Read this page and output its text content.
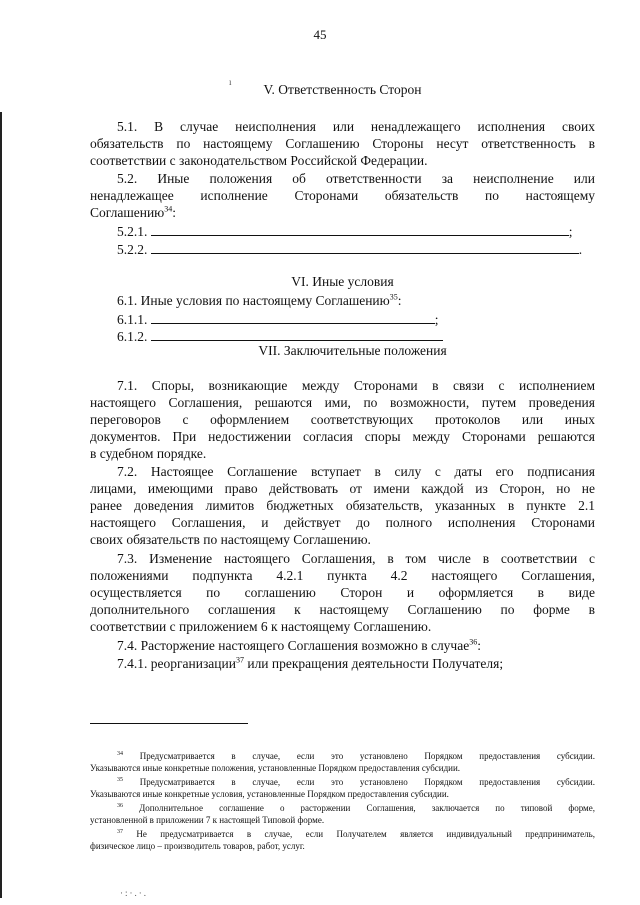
ı
45
V. Ответственность Сторон
5.1. В случае неисполнения или ненадлежащего исполнения своих
обязательств по настоящему Соглашению Стороны несут ответственность в
соответствии с законодательством Российской Федерации.
5.2. Иные положения об ответственности за неисполнение или
ненадлежащее исполнение Сторонами обязательств по настоящему
Соглашению$^{34}$:
5.2.1.	;
5.2.2.	.
VI. Иные условия
6.1. Иные условия по настоящему Соглашению$^{35}$:
6.1.1.	;
6.1.2.
VII. Заключительные положения
7.1. Споры, возникающие между Сторонами в связи с исполнением
настоящего Соглашения, решаются ими, по возможности, путем проведения
переговоров с оформлением соответствующих протоколов или иных
документов. При недостижении согласия споры между Сторонами решаются
в судебном порядке.
7.2. Настоящее Соглашение вступает в силу с даты его подписания
лицами, имеющими право действовать от имени каждой из Сторон, но не
ранее доведения лимитов бюджетных обязательств, указанных в пункте 2.1
настоящего Соглашения, и действует до полного исполнения Сторонами
своих обязательств по настоящему Соглашению.
7.3. Изменение настоящего Соглашения, в том числе в соответствии с
положениями подпункта 4.2.1 пункта 4.2 настоящего Соглашения,
осуществляется по соглашению Сторон и оформляется в виде
дополнительного соглашения к настоящему Соглашению по форме в
соответствии с приложением 6 к настоящему Соглашению.
7.4. Расторжение настоящего Соглашения возможно в случае$^{36}$:
7.4.1. реорганизации$^{37}$ или прекращения деятельности Получателя;
$^{34}$ Предусматривается в случае, если это установлено Порядком предоставления субсидии.
Указываются иные конкретные положения, установленные Порядком предоставления субсидии.
$^{35}$ Предусматривается в случае, если это установлено Порядком предоставления субсидии.
Указываются иные конкретные условия, установленные Порядком предоставления субсидии.
$^{36}$ Дополнительное соглашение о расторжении Соглашения, заключается по типовой форме,
установленной в приложении 7 к настоящей Типовой форме.
$^{37}$ Не предусматривается в случае, если Получателем является индивидуальный предприниматель,
физическое лицо – производитель товаров, работ, услуг.
·:·.·.
